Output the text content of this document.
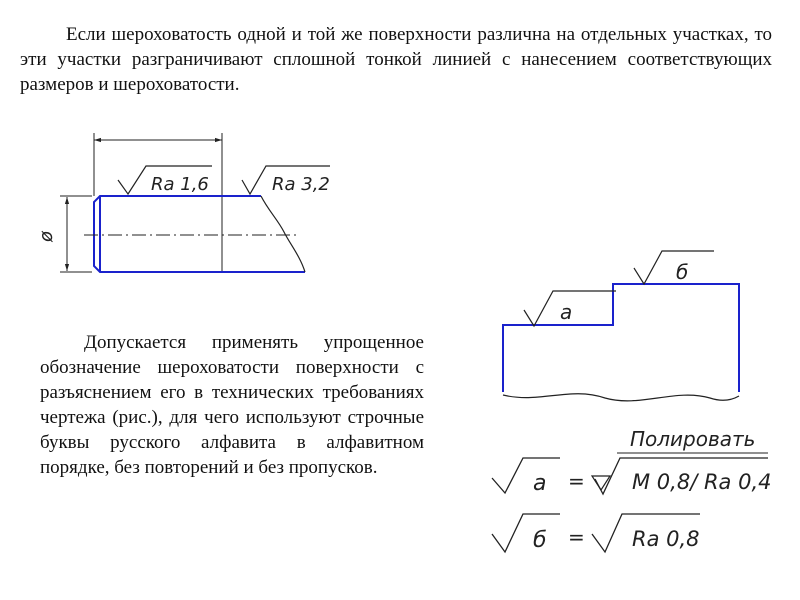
Если шероховатость одной и той же поверхности различна на отдельных участках, то эти участки разграничивают сплошной тонкой линией с нанесением соответствующих размеров и шероховатости.

Допускается применять упрощенное обозначение шероховатости поверхности с разъяснением его в технических требованиях чертежа (рис.), для чего используют строчные буквы русского алфавита в алфавитном порядке, без повторений и без пропусков.

ø
Ra 1,6	Ra 3,2
а
б
Полировать
а = M 0,8/ Ra 0,4
б = Ra 0,8
